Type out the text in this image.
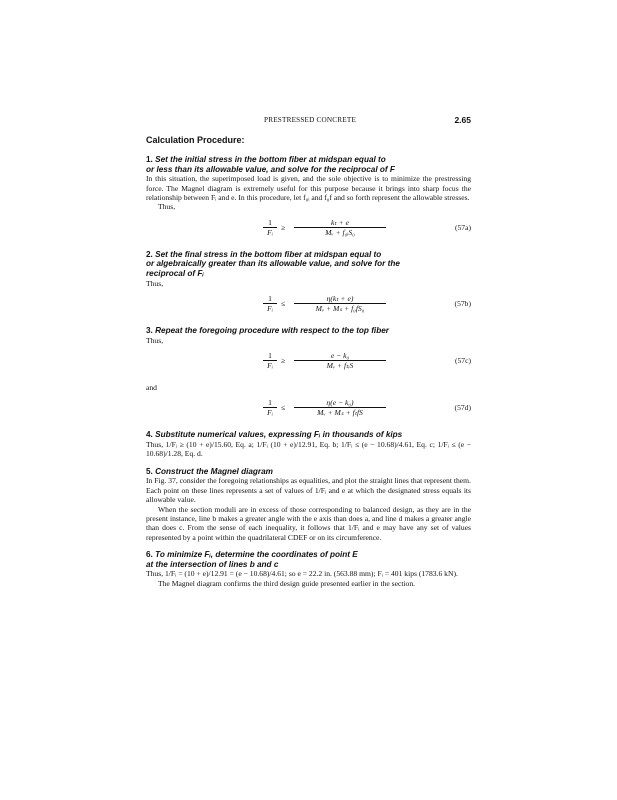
PRESTRESSED CONCRETE	2.65
Calculation Procedure:
1. Set the initial stress in the bottom fiber at midspan equal to
or less than its allowable value, and solve for the reciprocal of F

In this situation, the superimposed load is given, and the sole objective is to minimize the prestressing force. The Magnel diagram is extremely useful for this purpose because it brings into sharp focus the relationship between Fᵢ and e. In this procedure, let f₀ᵢ and f₀f and so forth represent the allowable stresses.

Thus,

$\frac{1}{\text{Fᵢ}} \ge \frac{\text{kₜ + e}}{\text{Mᵥ + f₀ᵢS₀}}$	(57a)
2. Set the final stress in the bottom fiber at midspan equal to
or algebraically greater than its allowable value, and solve for the
reciprocal of Fᵢ

Thus,

$\frac{1}{\text{Fᵢ}} \le \frac{\text{η(kₜ + e)}}{\text{Mᵥ + Mₛ + f₀fS₀}}$	(57b)
3. Repeat the foregoing procedure with respect to the top fiber

Thus,

$\frac{1}{\text{Fᵢ}}$ ≥
e − k₀
Mᵥ + fₜᵢS
(57c)

and

$\frac{1}{\text{Fᵢ}}$ ≤
η(e − k₀)
Mᵥ + Mₛ + fₜfS
(57d)
4. Substitute numerical values, expressing Fᵢ in thousands of kips

Thus, 1/Fᵢ ≥ (10 + e)/15.60, Eq. a; 1/Fᵢ (10 + e)/12.91, Eq. b; 1/Fᵢ ≤ (e − 10.68)/4.61, Eq. c; 1/Fᵢ ≤ (e − 10.68)/1.28, Eq. d.

5. Construct the Magnel diagram

In Fig. 37, consider the foregoing relationships as equalities, and plot the straight lines that represent them. Each point on these lines represents a set of values of 1/Fᵢ and e at which the designated stress equals its allowable value.

When the section moduli are in excess of those corresponding to balanced design, as they are in the present instance, line b makes a greater angle with the e axis than does a, and line d makes a greater angle than does c. From the sense of each inequality, it follows that 1/Fᵢ and e may have any set of values represented by a point within the quadrilateral CDEF or on its circumference.

6. To minimize Fᵢ, determine the coordinates of point E
at the intersection of lines b and c

Thus, 1/Fᵢ = (10 + e)/12.91 = (e − 10.68)/4.61; so e = 22.2 in. (563.88 mm); Fᵢ = 401 kips (1783.6 kN).

The Magnel diagram confirms the third design guide presented earlier in the section.
